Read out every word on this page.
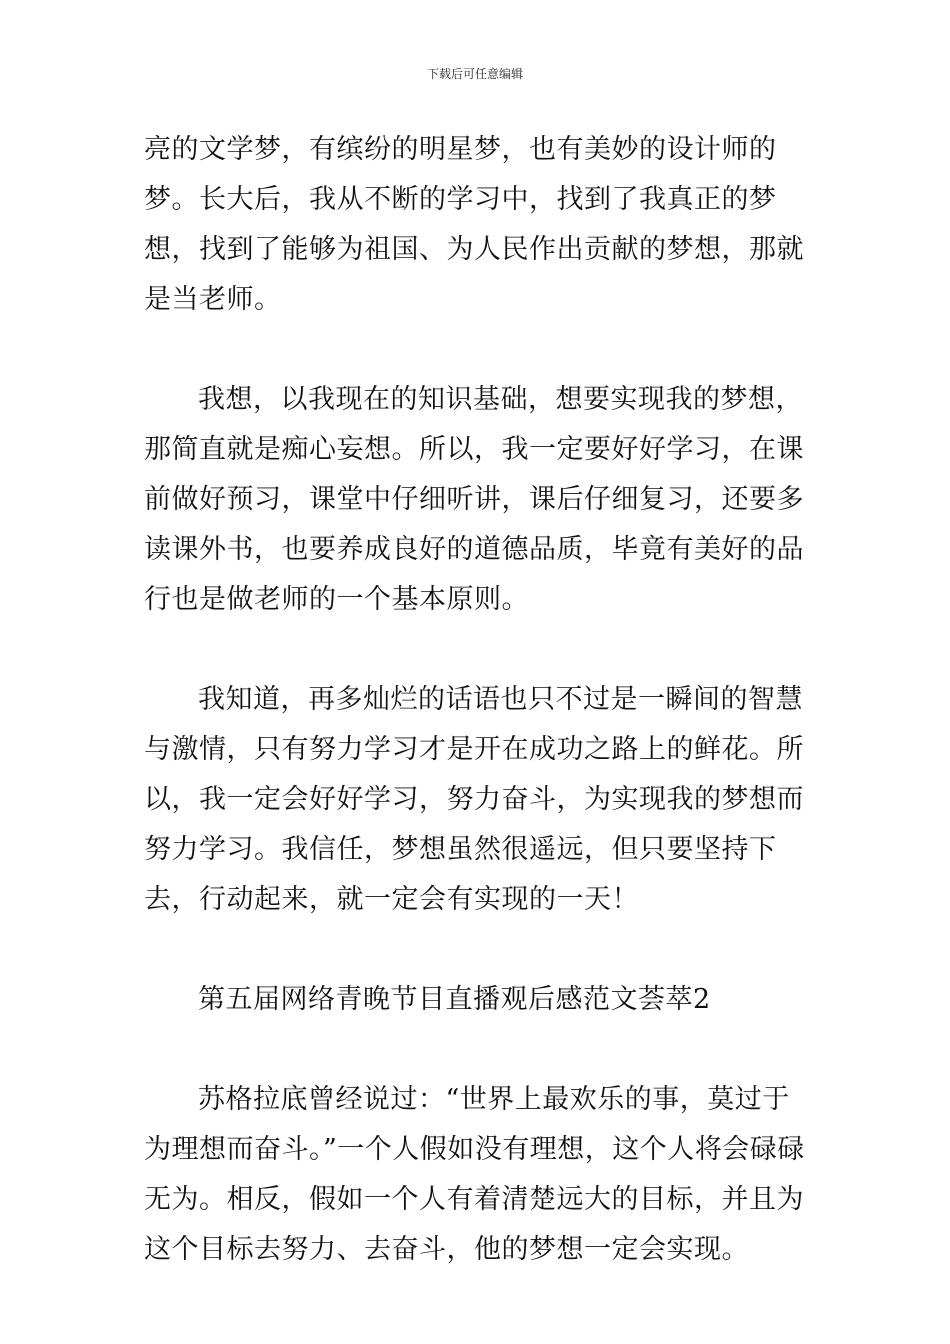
下载后可任意编辑

亮的文学梦，有缤纷的明星梦，也有美妙的设计师的梦。长大后，我从不断的学习中，找到了我真正的梦想，找到了能够为祖国、为人民作出贡献的梦想，那就是当老师。

我想，以我现在的知识基础，想要实现我的梦想，那简直就是痴心妄想。所以，我一定要好好学习，在课前做好预习，课堂中仔细听讲，课后仔细复习，还要多读课外书，也要养成良好的道德品质，毕竟有美好的品行也是做老师的一个基本原则。

我知道，再多灿烂的话语也只不过是一瞬间的智慧与激情，只有努力学习才是开在成功之路上的鲜花。所以，我一定会好好学习，努力奋斗，为实现我的梦想而努力学习。我信任，梦想虽然很遥远，但只要坚持下去，行动起来，就一定会有实现的一天！

第五届网络青晚节目直播观后感范文荟萃2

苏格拉底曾经说过：“世界上最欢乐的事，莫过于为理想而奋斗。”一个人假如没有理想，这个人将会碌碌无为。相反，假如一个人有着清楚远大的目标，并且为这个目标去努力、去奋斗，他的梦想一定会实现。
